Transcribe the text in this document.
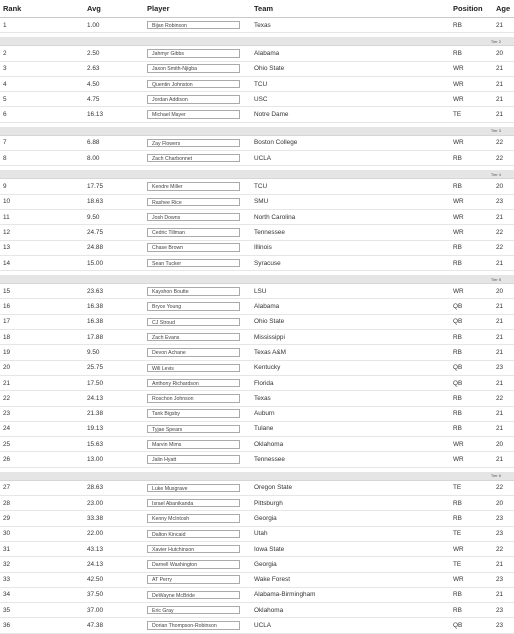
Rank	Avg	Player	Team	Position	Age
1	1.00	Bijan Robinson	Texas	RB	21

Tier 2					
2	2.50	Jahmyr Gibbs	Alabama	RB	20
3	2.63	Jaxon Smith-Njigba	Ohio State	WR	21
4	4.50	Quentin Johnston	TCU	WR	21
5	4.75	Jordan Addison	USC	WR	21
6	16.13	Michael Mayer	Notre Dame	TE	21

Tier 3					
7	6.88	Zay Flowers	Boston College	WR	22
8	8.00	Zach Charbonnet	UCLA	RB	22

Tier 4					
9	17.75	Kendre Miller	TCU	RB	20
10	18.63	Rashee Rice	SMU	WR	23
11	9.50	Josh Downs	North Carolina	WR	21
12	24.75	Cedric Tillman	Tennessee	WR	22
13	24.88	Chase Brown	Illinois	RB	22
14	15.00	Sean Tucker	Syracuse	RB	21

Tier 5					
15	23.63	Kayshon Boutte	LSU	WR	20
16	16.38	Bryce Young	Alabama	QB	21
17	16.38	CJ Stroud	Ohio State	QB	21
18	17.88	Zach Evans	Mississippi	RB	21
19	9.50	Devon Achane	Texas A&M	RB	21
20	25.75	Will Levis	Kentucky	QB	23
21	17.50	Anthony Richardson	Florida	QB	21
22	24.13	Roschon Johnson	Texas	RB	22
23	21.38	Tank Bigsby	Auburn	RB	21
24	19.13	Tyjae Spears	Tulane	RB	21
25	15.63	Marvin Mims	Oklahoma	WR	20
26	13.00	Jalin Hyatt	Tennessee	WR	21

Tier 6					
27	28.63	Luke Musgrave	Oregon State	TE	22
28	23.00	Israel Abanikanda	Pittsburgh	RB	20
29	33.38	Kenny McIntosh	Georgia	RB	23
30	22.00	Dalton Kincaid	Utah	TE	23
31	43.13	Xavier Hutchinson	Iowa State	WR	22
32	24.13	Darnell Washington	Georgia	TE	21
33	42.50	AT Perry	Wake Forest	WR	23
34	37.50	DeWayne McBride	Alabama-Birmingham	RB	21
35	37.00	Eric Gray	Oklahoma	RB	23
36	47.38	Dorian Thompson-Robinson	UCLA	QB	23
